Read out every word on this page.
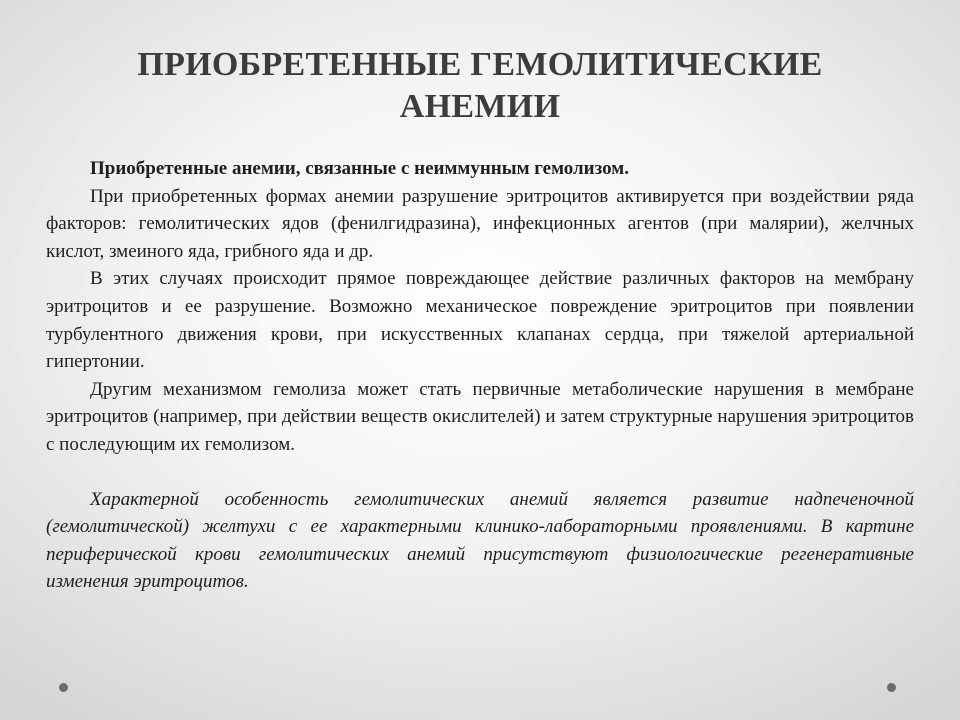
ПРИОБРЕТЕННЫЕ ГЕМОЛИТИЧЕСКИЕ
АНЕМИИ

Приобретенные анемии, связанные с неиммунным гемолизом.

При приобретенных формах анемии разрушение эритроцитов активируется при воздействии ряда факторов: гемолитических ядов (фенилгидразина), инфекционных агентов (при малярии), желчных кислот, змеиного яда, грибного яда и др.

В этих случаях происходит прямое повреждающее действие различных факторов на мембрану эритроцитов и ее разрушение. Возможно механическое повреждение эритроцитов при появлении турбулентного движения крови, при искусственных клапанах сердца, при тяжелой артериальной гипертонии.

Другим механизмом гемолиза может стать первичные метаболические нарушения в мембране эритроцитов (например, при действии веществ окислителей) и затем структурные нарушения эритроцитов с последующим их гемолизом.

Характерной особенность гемолитических анемий является развитие надпеченочной (гемолитической) желтухи с ее характерными клинико-лабораторными проявлениями. В картине периферической крови гемолитических анемий присутствуют физиологические регенеративные изменения эритроцитов.
